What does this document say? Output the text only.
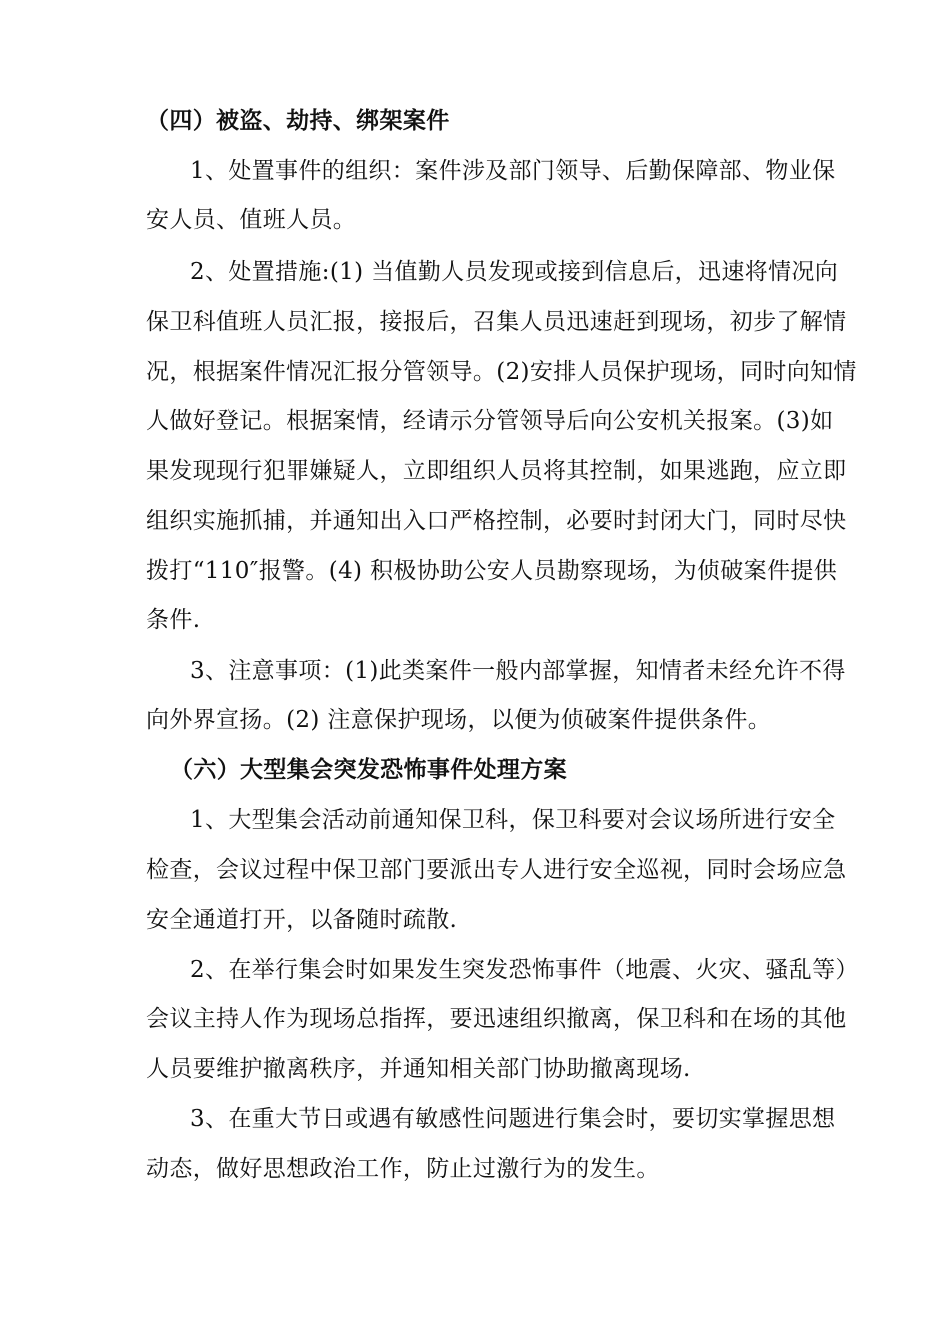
（四）被盗、劫持、绑架案件
1、处置事件的组织：案件涉及部门领导、后勤保障部、物业保
安人员、值班人员。
2、处置措施:(1) 当值勤人员发现或接到信息后，迅速将情况向
保卫科值班人员汇报，接报后，召集人员迅速赶到现场，初步了解情
况，根据案件情况汇报分管领导。(2)安排人员保护现场，同时向知情
人做好登记。根据案情，经请示分管领导后向公安机关报案。(3)如
果发现现行犯罪嫌疑人，立即组织人员将其控制，如果逃跑，应立即
组织实施抓捕，并通知出入口严格控制，必要时封闭大门，同时尽快
拨打“110″报警。(4) 积极协助公安人员勘察现场，为侦破案件提供
条件.
3、注意事项：(1)此类案件一般内部掌握，知情者未经允许不得
向外界宣扬。(2) 注意保护现场，以便为侦破案件提供条件。
（六）大型集会突发恐怖事件处理方案
1、大型集会活动前通知保卫科，保卫科要对会议场所进行安全
检查，会议过程中保卫部门要派出专人进行安全巡视，同时会场应急
安全通道打开，以备随时疏散.
2、在举行集会时如果发生突发恐怖事件（地震、火灾、骚乱等）
会议主持人作为现场总指挥，要迅速组织撤离，保卫科和在场的其他
人员要维护撤离秩序，并通知相关部门协助撤离现场.
3、在重大节日或遇有敏感性问题进行集会时，要切实掌握思想
动态，做好思想政治工作，防止过激行为的发生。
